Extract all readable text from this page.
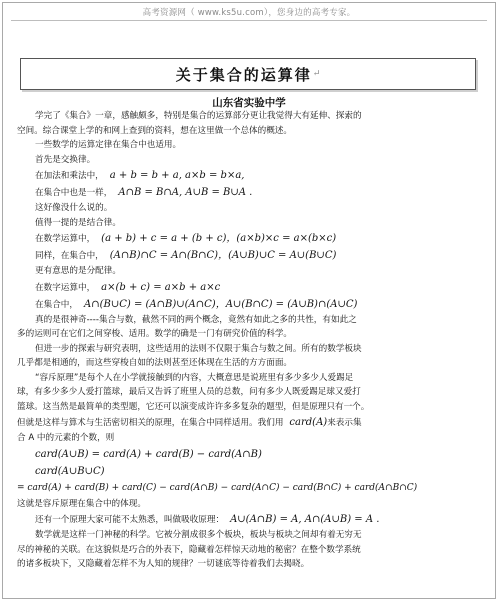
高考资源网（ www.ks5u.com），您身边的高考专家。
关于集合的运算律 ↵
山东省实验中学
学完了《集合》一章，感触颇多，特别是集合的运算部分更让我觉得大有延伸、探索的
空间。综合课堂上学的和网上查到的资料，想在这里做一个总体的概述。
一些数学的运算定律在集合中也适用。
首先是交换律。
在加法和乘法中， a + b = b + a, a×b = b×a,
在集合中也是一样， A∩B = B∩A, A∪B = B∪A .
这好像没什么说的。
值得一提的是结合律。
在数学运算中， (a + b) + c = a + (b + c)，(a×b)×c = a×(b×c)
同样，在集合中， (A∩B)∩C = A∩(B∩C)，(A∪B)∪C = A∪(B∪C)
更有意思的是分配律。
在数字运算中， a×(b + c) = a×b + a×c
在集合中， A∩(B∪C) = (A∩B)∪(A∩C)，A∪(B∩C) = (A∪B)∩(A∪C)
真的是很神奇----集合与数，截然不同的两个概念，竟然有如此之多的共性，有如此之
多的运则可在它们之间穿梭、适用。数学的确是一门有研究价值的科学。
但进一步的探索与研究表明，这些适用的法则不仅限于集合与数之间。所有的数学板块
几乎都是相通的，而这些穿梭自如的法则甚至还体现在生活的方方面面。
“容斥原理”是每个人在小学就接触到的内容，大概意思是说班里有多少多少人爱踢足
球，有多少多少人爱打篮球，最后又告诉了班里人员的总数，问有多少人既爱踢足球又爱打
篮球。这当然是最简单的类型题，它还可以演变成许许多多复杂的题型，但是原理只有一个。
但就是这样与算术与生活密切相关的原理，在集合中同样适用。我们用 card(A)来表示集
合 A 中的元素的个数，则
card(A∪B) = card(A) + card(B) − card(A∩B)
card(A∪B∪C)
= card(A) + card(B) + card(C) − card(A∩B) − card(A∩C) − card(B∩C) + card(A∩B∩C)
这就是容斥原理在集合中的体现。
还有一个原理大家可能不太熟悉，叫做吸收原理： A∪(A∩B) = A, A∩(A∪B) = A .
数学就是这样一门神秘的科学。它被分割成很多个板块，板块与板块之间却有着无穷无
尽的神秘的关联。在这貌似是巧合的外表下，隐藏着怎样惊天动地的秘密？在整个数学系统
的诸多板块下，又隐藏着怎样不为人知的规律？一切谜底等待着我们去揭晓。
